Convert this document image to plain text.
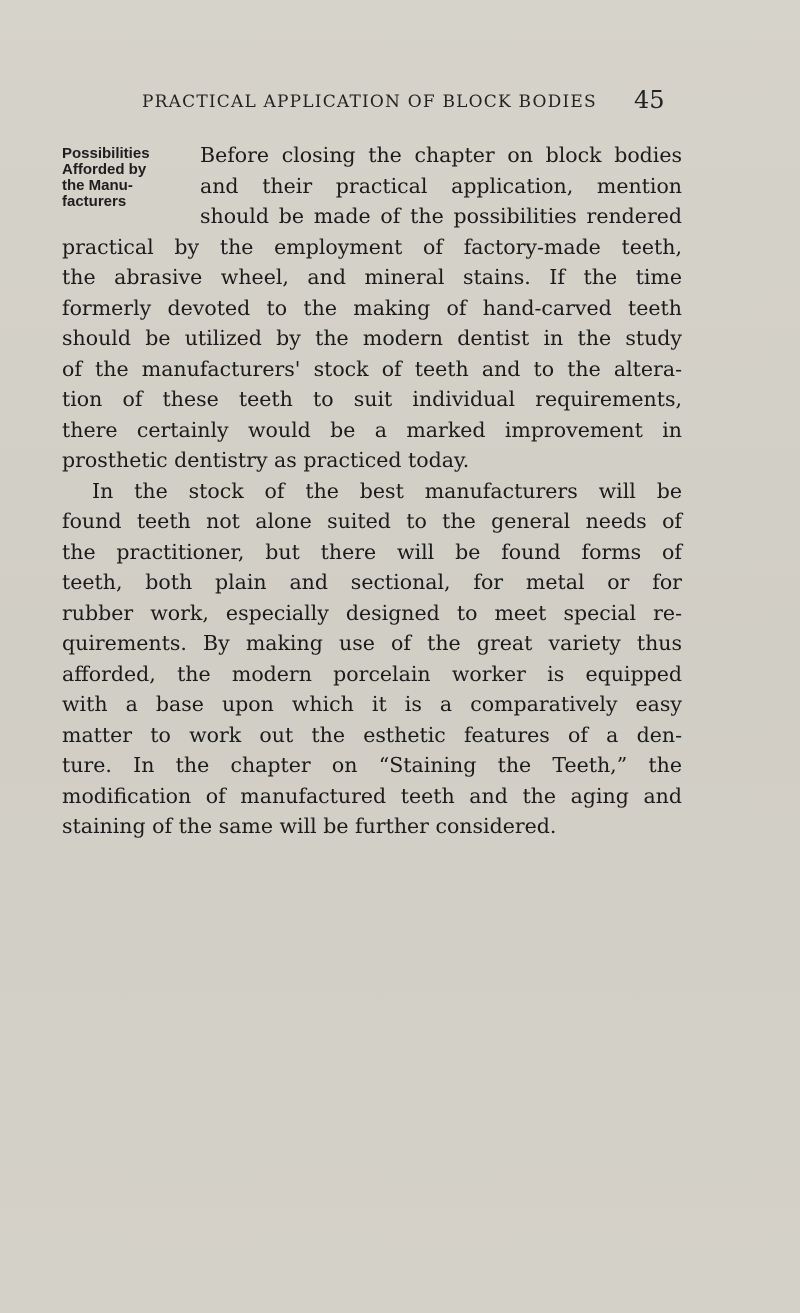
PRACTICAL APPLICATION OF BLOCK BODIES 45
Possibilities
Afforded by
the Manu-
facturers
Before closing the chapter on block bodies
and their practical application, mention
should be made of the possibilities rendered
practical by the employment of factory-made teeth,
the abrasive wheel, and mineral stains. If the time
formerly devoted to the making of hand-carved teeth
should be utilized by the modern dentist in the study
of the manufacturers' stock of teeth and to the altera-
tion of these teeth to suit individual requirements,
there certainly would be a marked improvement in
prosthetic dentistry as practiced today.
In the stock of the best manufacturers will be
found teeth not alone suited to the general needs of
the practitioner, but there will be found forms of
teeth, both plain and sectional, for metal or for
rubber work, especially designed to meet special re-
quirements. By making use of the great variety thus
afforded, the modern porcelain worker is equipped
with a base upon which it is a comparatively easy
matter to work out the esthetic features of a den-
ture. In the chapter on “Staining the Teeth,” the
modification of manufactured teeth and the aging and
staining of the same will be further considered.
